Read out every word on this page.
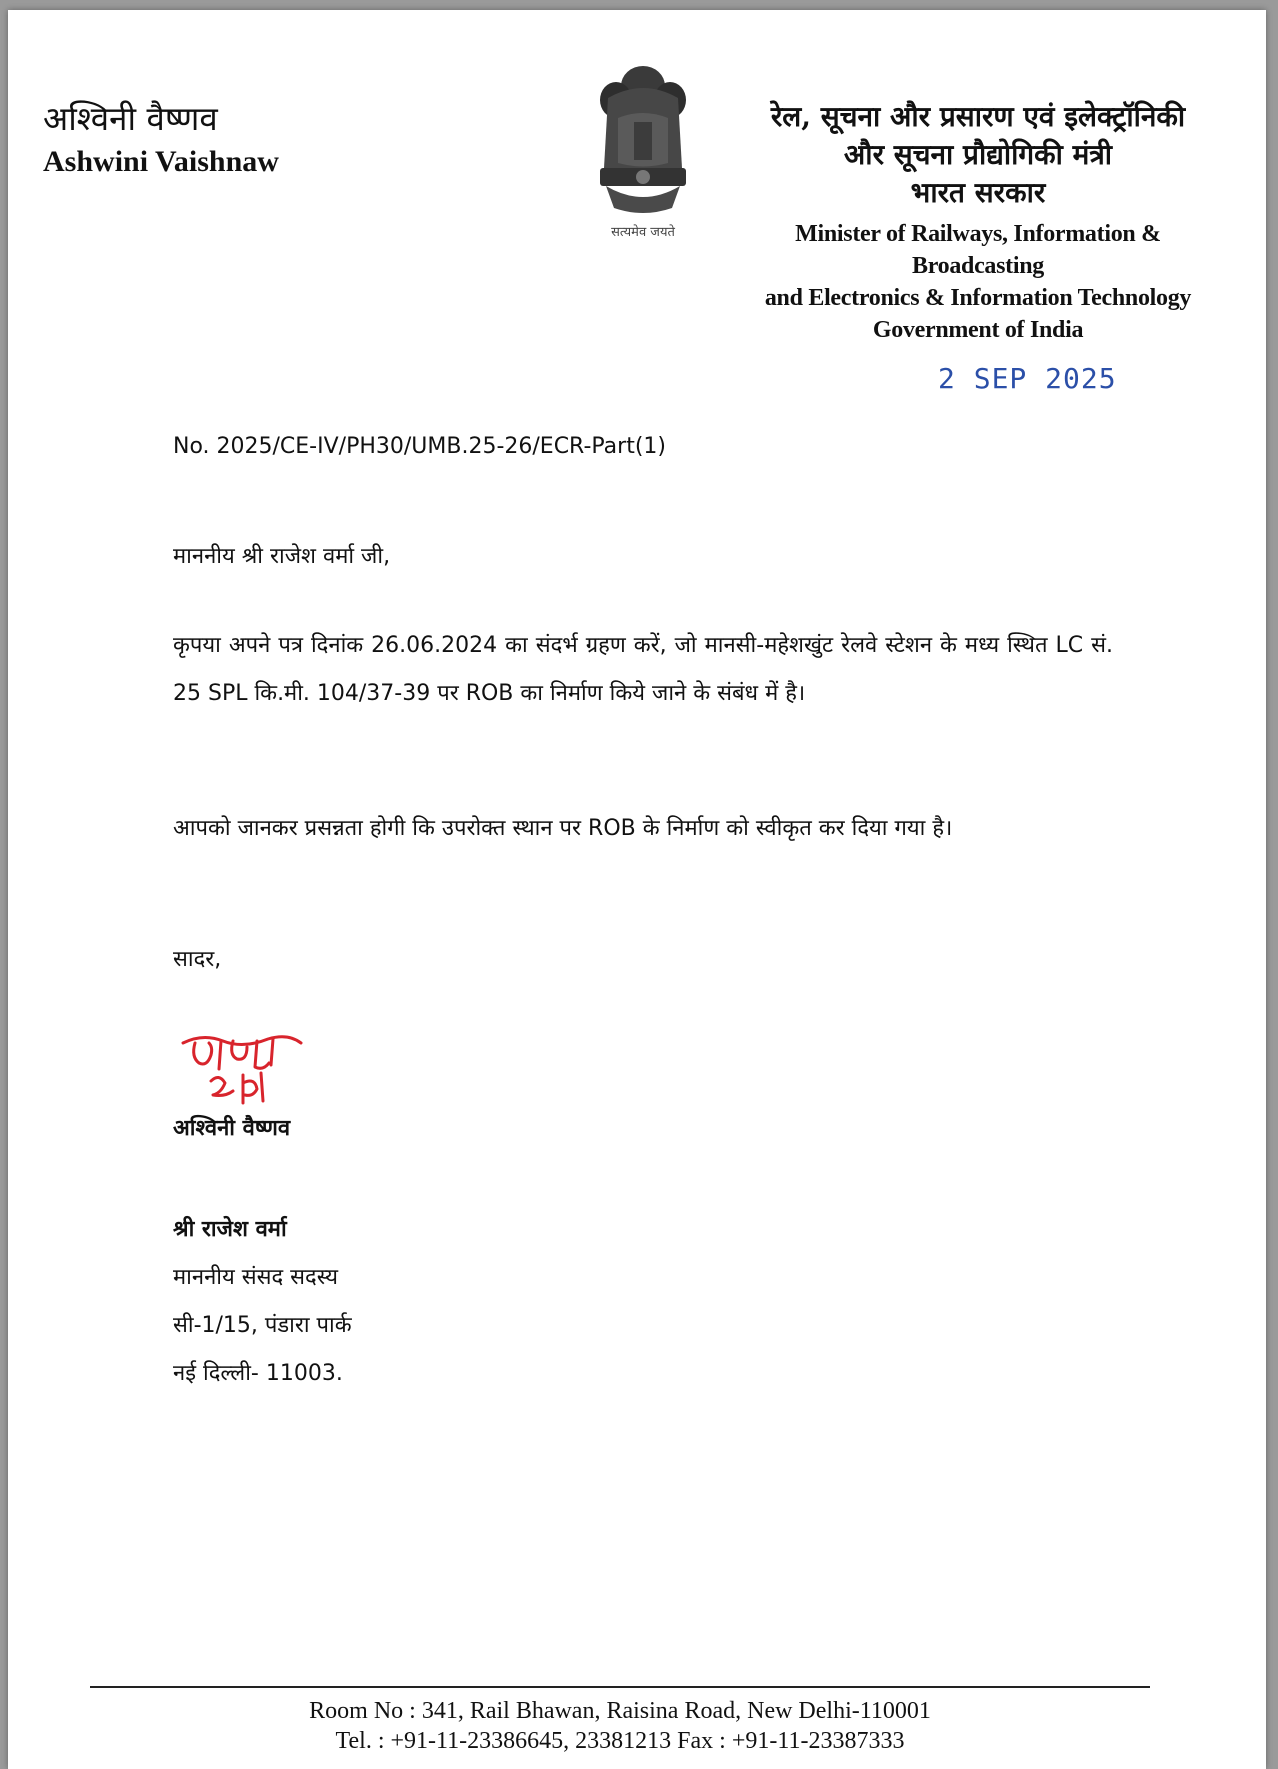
अश्विनी वैष्णव
Ashwini Vaishnaw
सत्यमेव जयते
रेल, सूचना और प्रसारण एवं इलेक्ट्रॉनिकी
और सूचना प्रौद्योगिकी मंत्री
भारत सरकार
Minister of Railways, Information & Broadcasting
and Electronics & Information Technology
Government of India
2 SEP 2025
No. 2025/CE-IV/PH30/UMB.25-26/ECR-Part(1)
माननीय श्री राजेश वर्मा जी,
कृपया अपने पत्र दिनांक 26.06.2024 का संदर्भ ग्रहण करें, जो मानसी-महेशखुंट रेलवे स्टेशन के मध्य स्थित LC सं. 25 SPL कि.मी. 104/37-39 पर ROB का निर्माण किये जाने के संबंध में है।
आपको जानकर प्रसन्नता होगी कि उपरोक्त स्थान पर ROB के निर्माण को स्वीकृत कर दिया गया है।
सादर,
अश्विनी वैष्णव
श्री राजेश वर्मा
माननीय संसद सदस्य
सी-1/15, पंडारा पार्क
नई दिल्ली- 11003.
Room No : 341, Rail Bhawan, Raisina Road, New Delhi-110001
Tel. : +91-11-23386645, 23381213 Fax : +91-11-23387333
